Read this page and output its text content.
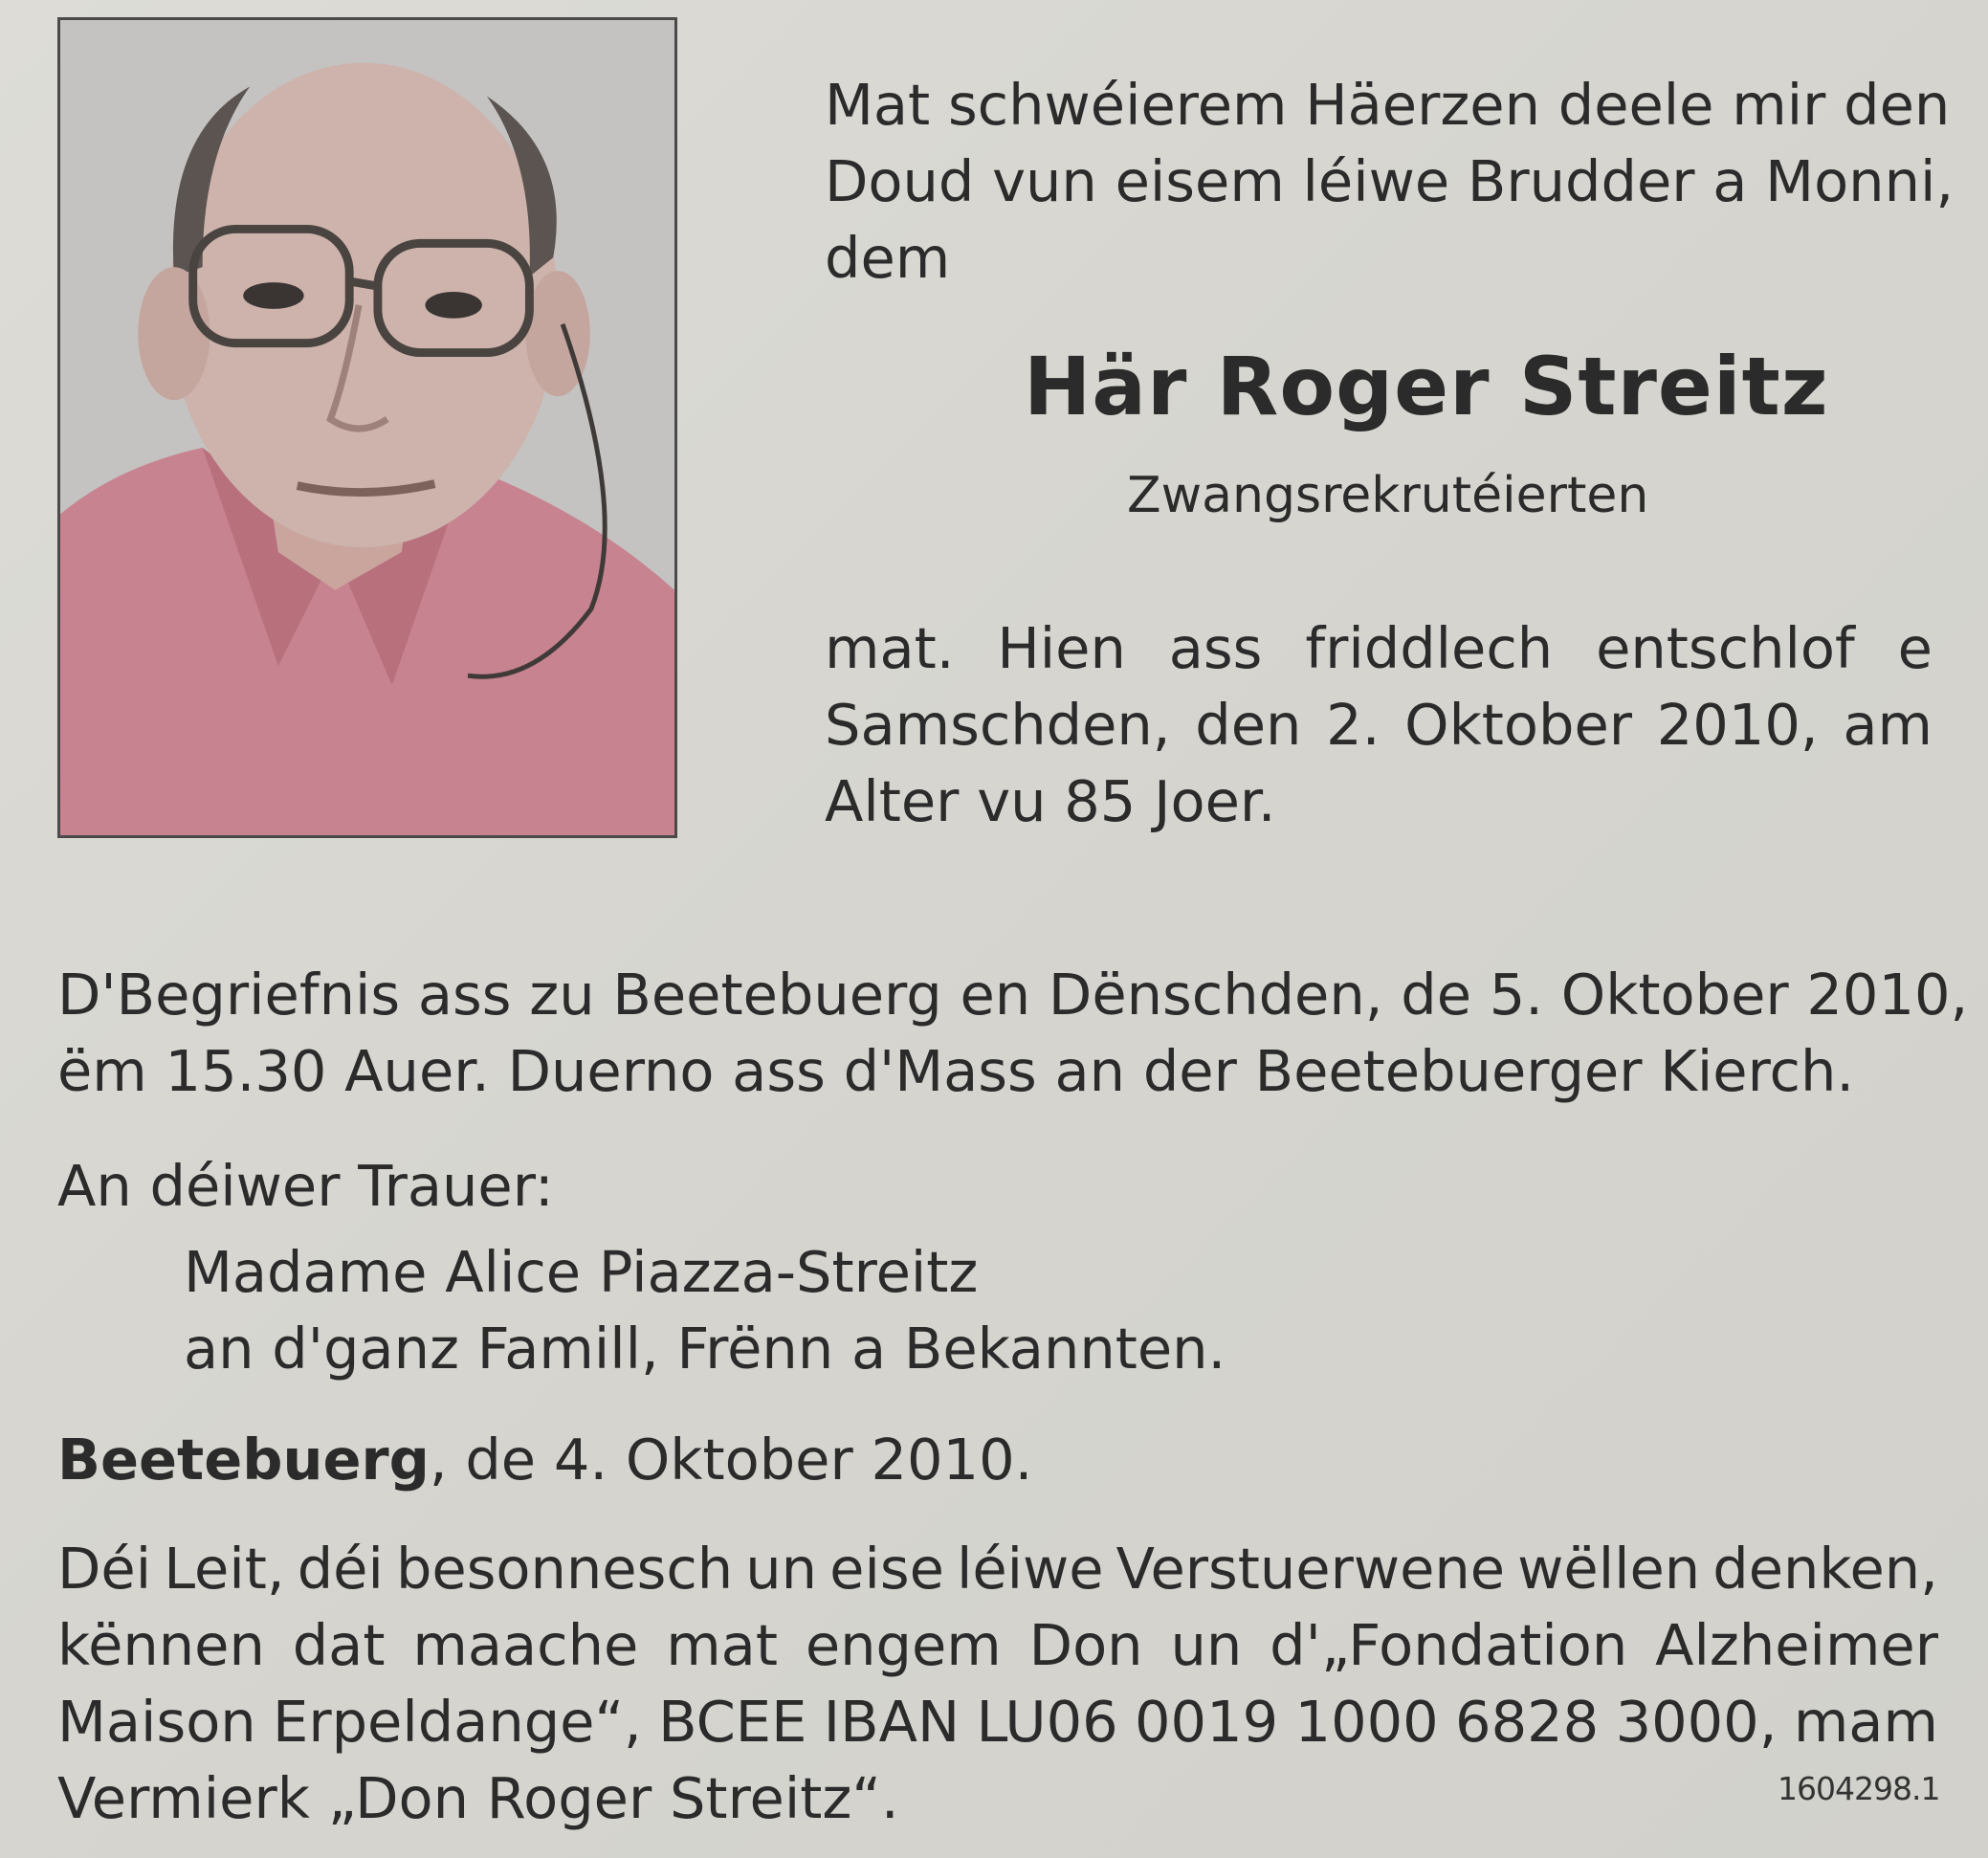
Mat schwéierem Häerzen deele mir den
Doud vun eisem léiwe Brudder a Monni,
dem
Här Roger Streitz
Zwangsrekrutéierten
mat. Hien ass friddlech entschlof e
Samschden, den 2. Oktober 2010, am
Alter vu 85 Joer.
D'Begriefnis ass zu Beetebuerg en Dënschden, de 5. Oktober 2010,
ëm 15.30 Auer. Duerno ass d'Mass an der Beetebuerger Kierch.
An déiwer Trauer:
Madame Alice Piazza-Streitz
an d'ganz Famill, Frënn a Bekannten.
Beetebuerg, de 4. Oktober 2010.
Déi Leit, déi besonnesch un eise léiwe Verstuerwene wëllen denken,
kënnen dat maache mat engem Don un d'„Fondation Alzheimer
Maison Erpeldange“, BCEE IBAN LU06 0019 1000 6828 3000, mam
Vermierk „Don Roger Streitz“.	1604298.1
